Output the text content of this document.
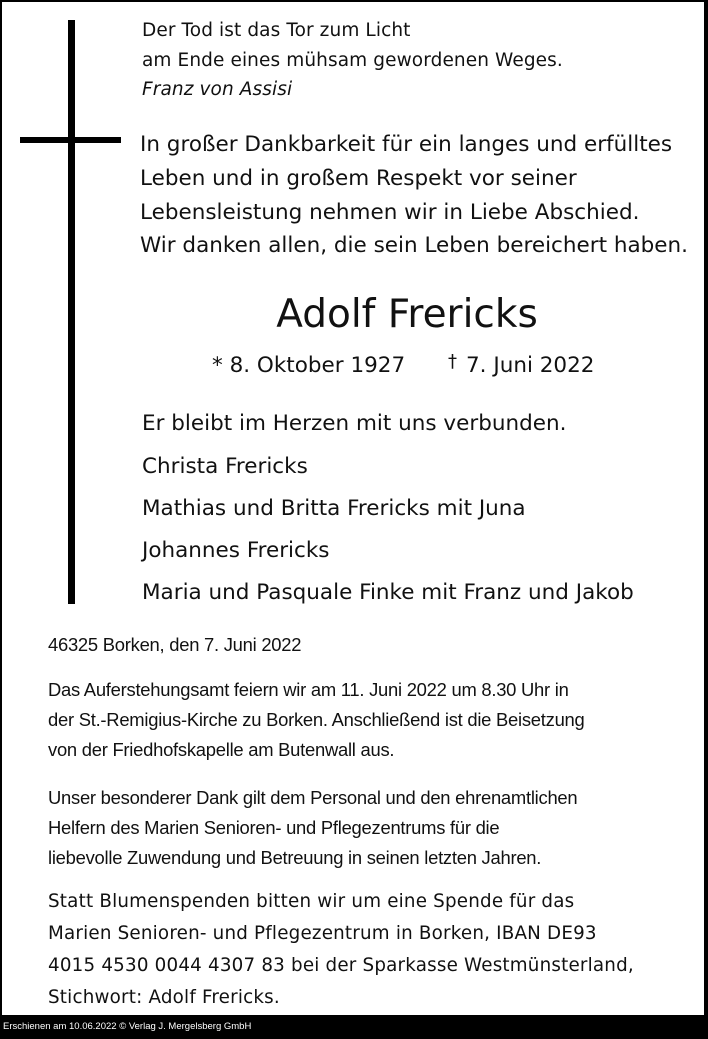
Der Tod ist das Tor zum Licht
am Ende eines mühsam gewordenen Weges.
Franz von Assisi
In großer Dankbarkeit für ein langes und erfülltes
Leben und in großem Respekt vor seiner
Lebensleistung nehmen wir in Liebe Abschied.
Wir danken allen, die sein Leben bereichert haben.
Adolf Frericks
* 8. Oktober 1927 † 7. Juni 2022
Er bleibt im Herzen mit uns verbunden.
Christa Frericks
Mathias und Britta Frericks mit Juna
Johannes Frericks
Maria und Pasquale Finke mit Franz und Jakob
46325 Borken, den 7. Juni 2022
Das Auferstehungsamt feiern wir am 11. Juni 2022 um 8.30 Uhr in
der St.-Remigius-Kirche zu Borken. Anschließend ist die Beisetzung
von der Friedhofskapelle am Butenwall aus.
Unser besonderer Dank gilt dem Personal und den ehrenamtlichen
Helfern des Marien Senioren- und Pflegezentrums für die
liebevolle Zuwendung und Betreuung in seinen letzten Jahren.
Statt Blumenspenden bitten wir um eine Spende für das
Marien Senioren- und Pflegezentrum in Borken, IBAN DE93
4015 4530 0044 4307 83 bei der Sparkasse Westmünsterland,
Stichwort: Adolf Frericks.
Erschienen am 10.06.2022 © Verlag J. Mergelsberg GmbH
